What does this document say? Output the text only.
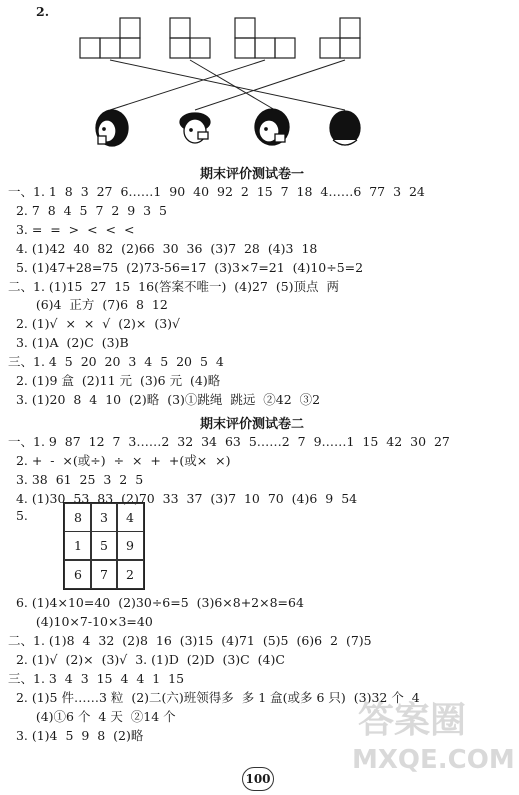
2.
期末评价测试卷一
一、1. 1  8  3  27  6……1  90  40  92  2  15  7  18  4……6  77  3  24
2. 7  8  4  5  7  2  9  3  5
3. =  =  >  <  <  <
4. (1)42  40  82  (2)66  30  36  (3)7  28  (4)3  18
5. (1)47+28=75  (2)73-56=17  (3)3×7=21  (4)10÷5=2
二、1. (1)15  27  15  16(答案不唯一)  (4)27  (5)顶点  两
(6)4  正方  (7)6  8  12
2. (1)√  ×  ×  √  (2)×  (3)√
3. (1)A  (2)C  (3)B
三、1. 4  5  20  20  3  4  5  20  5  4
2. (1)9 盒  (2)11 元  (3)6 元  (4)略
3. (1)20  8  4  10  (2)略  (3)①跳绳  跳远  ②42  ③2
期末评价测试卷二
一、1. 9  87  12  7  3……2  32  34  63  5……2  7  9……1  15  42  30  27
2. +  -  ×(或÷)  ÷  ×  +  +(或×  ×)
3. 38  61  25  3  2  5
4. (1)30  53  83  (2)70  33  37  (3)7  10  70  (4)6  9  54
5.	8	3	4
1	5	9
6	7	2
6. (1)4×10=40  (2)30÷6=5  (3)6×8+2×8=64
(4)10×7-10×3=40
二、1. (1)8  4  32  (2)8  16  (3)15  (4)71  (5)5  (6)6  2  (7)5
2. (1)√  (2)×  (3)√  3. (1)D  (2)D  (3)C  (4)C
三、1. 3  4  3  15  4  4  1  15
2. (1)5 件……3 粒  (2)二(六)班领得多  多 1 盒(或多 6 只)  (3)32 个  4
(4)①6 个  4 天  ②14 个
3. (1)4  5  9  8  (2)略	答案圈
MXQE.COM
100
